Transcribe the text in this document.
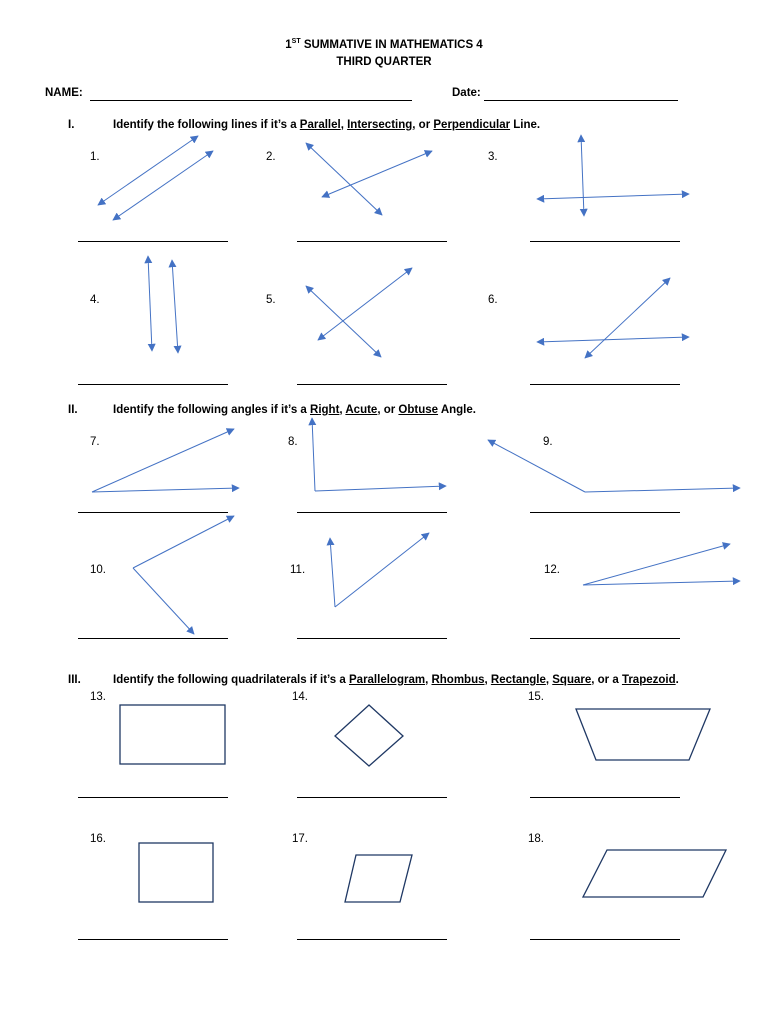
1ST SUMMATIVE IN MATHEMATICS 4
THIRD QUARTER
NAME:	Date:
I.	Identify the following lines if it’s a Parallel, Intersecting, or Perpendicular Line.
II.	Identify the following angles if it’s a Right, Acute, or Obtuse Angle.
III.	Identify the following quadrilaterals if it’s a Parallelogram, Rhombus, Rectangle, Square, or a Trapezoid.
1.	2.	3.
4.	5.	6.
7.	8.	9.
10.	11.	12.
13.	14.	15.
16.	17.	18.
